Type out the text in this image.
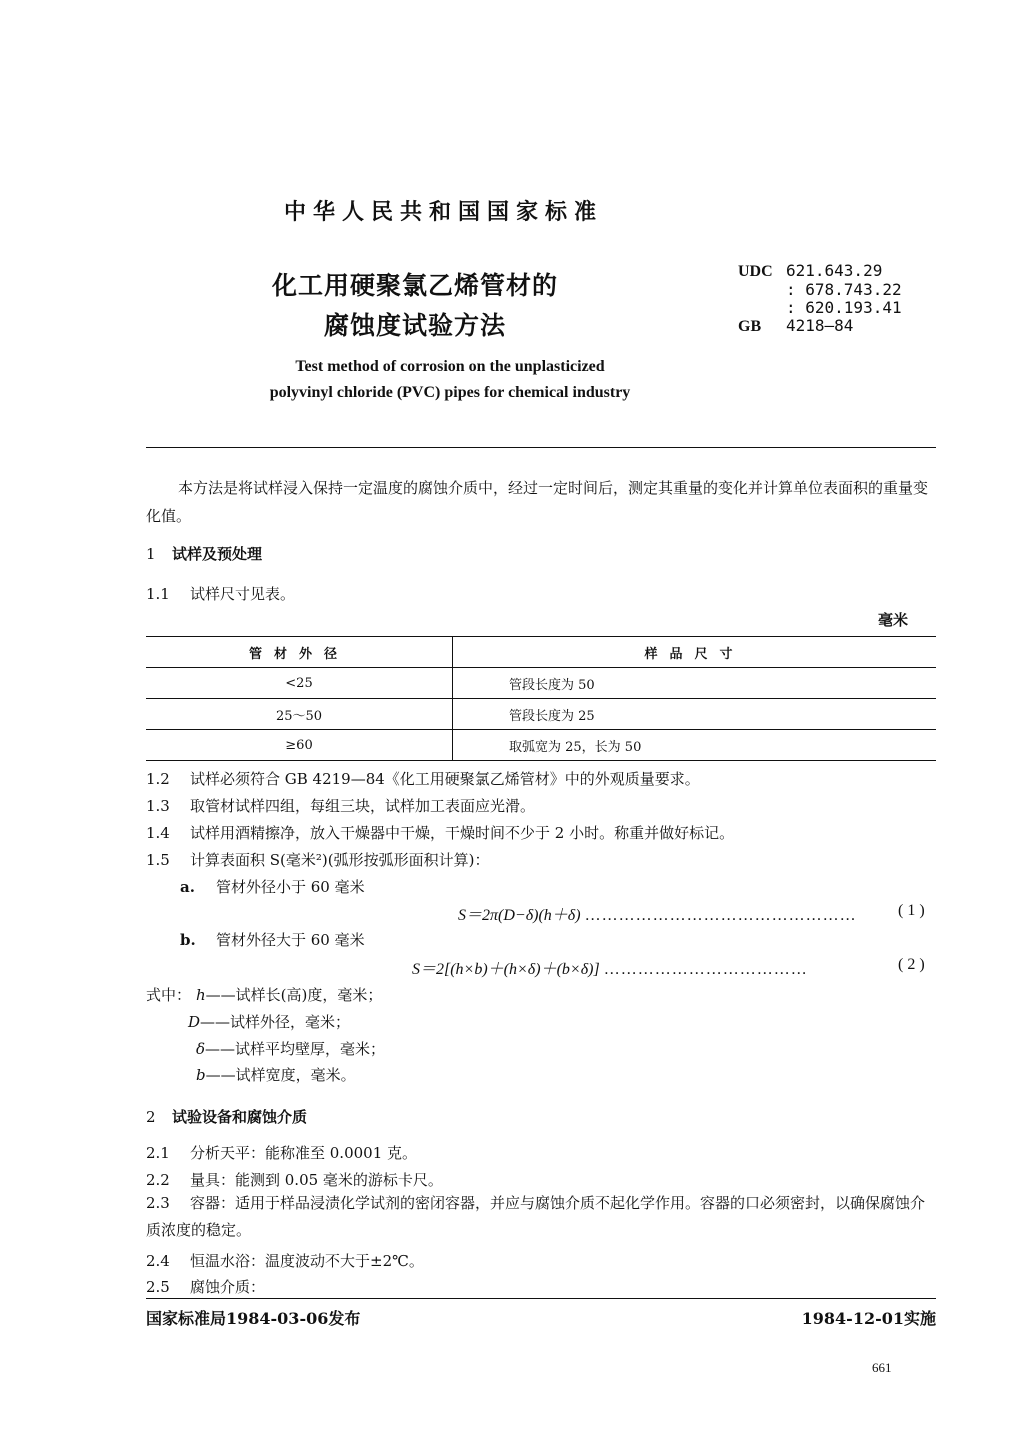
中华人民共和国国家标准
化工用硬聚氯乙烯管材的
腐蚀度试验方法
UDC 621.643.29
: 678.743.22
: 620.193.41
GB 4218—84
Test method of corrosion on the unplasticized
polyvinyl chloride (PVC) pipes for chemical industry
本方法是将试样浸入保持一定温度的腐蚀介质中，经过一定时间后，测定其重量的变化并计算单位表面积的重量变化值。
1 试样及预处理
1.1 试样尺寸见表。
毫米
管材外径	样品尺寸
<25	管段长度为 50
25～50	管段长度为 25
≥60	取弧宽为 25，长为 50
1.2 试样必须符合 GB 4219—84《化工用硬聚氯乙烯管材》中的外观质量要求。
1.3 取管材试样四组，每组三块，试样加工表面应光滑。
1.4 试样用酒精擦净，放入干燥器中干燥，干燥时间不少于 2 小时。称重并做好标记。
1.5 计算表面积 S(毫米²)(弧形按弧形面积计算)：
a. 管材外径小于 60 毫米
S＝2π(D−δ)(h＋δ) …………………………………………	( 1 )
b. 管材外径大于 60 毫米
S＝2[(h×b)＋(h×δ)＋(b×δ)] ………………………………	( 2 )
式中： h——试样长(高)度，毫米；
D——试样外径，毫米；
δ——试样平均壁厚，毫米；
b——试样宽度，毫米。
2 试验设备和腐蚀介质
2.1 分析天平：能称准至 0.0001 克。
2.2 量具：能测到 0.05 毫米的游标卡尺。
2.3 容器：适用于样品浸渍化学试剂的密闭容器，并应与腐蚀介质不起化学作用。容器的口必须密封，以确保腐蚀介质浓度的稳定。
2.4 恒温水浴：温度波动不大于±2℃。
2.5 腐蚀介质：
国家标准局1984-03-06发布	1984-12-01实施
661
